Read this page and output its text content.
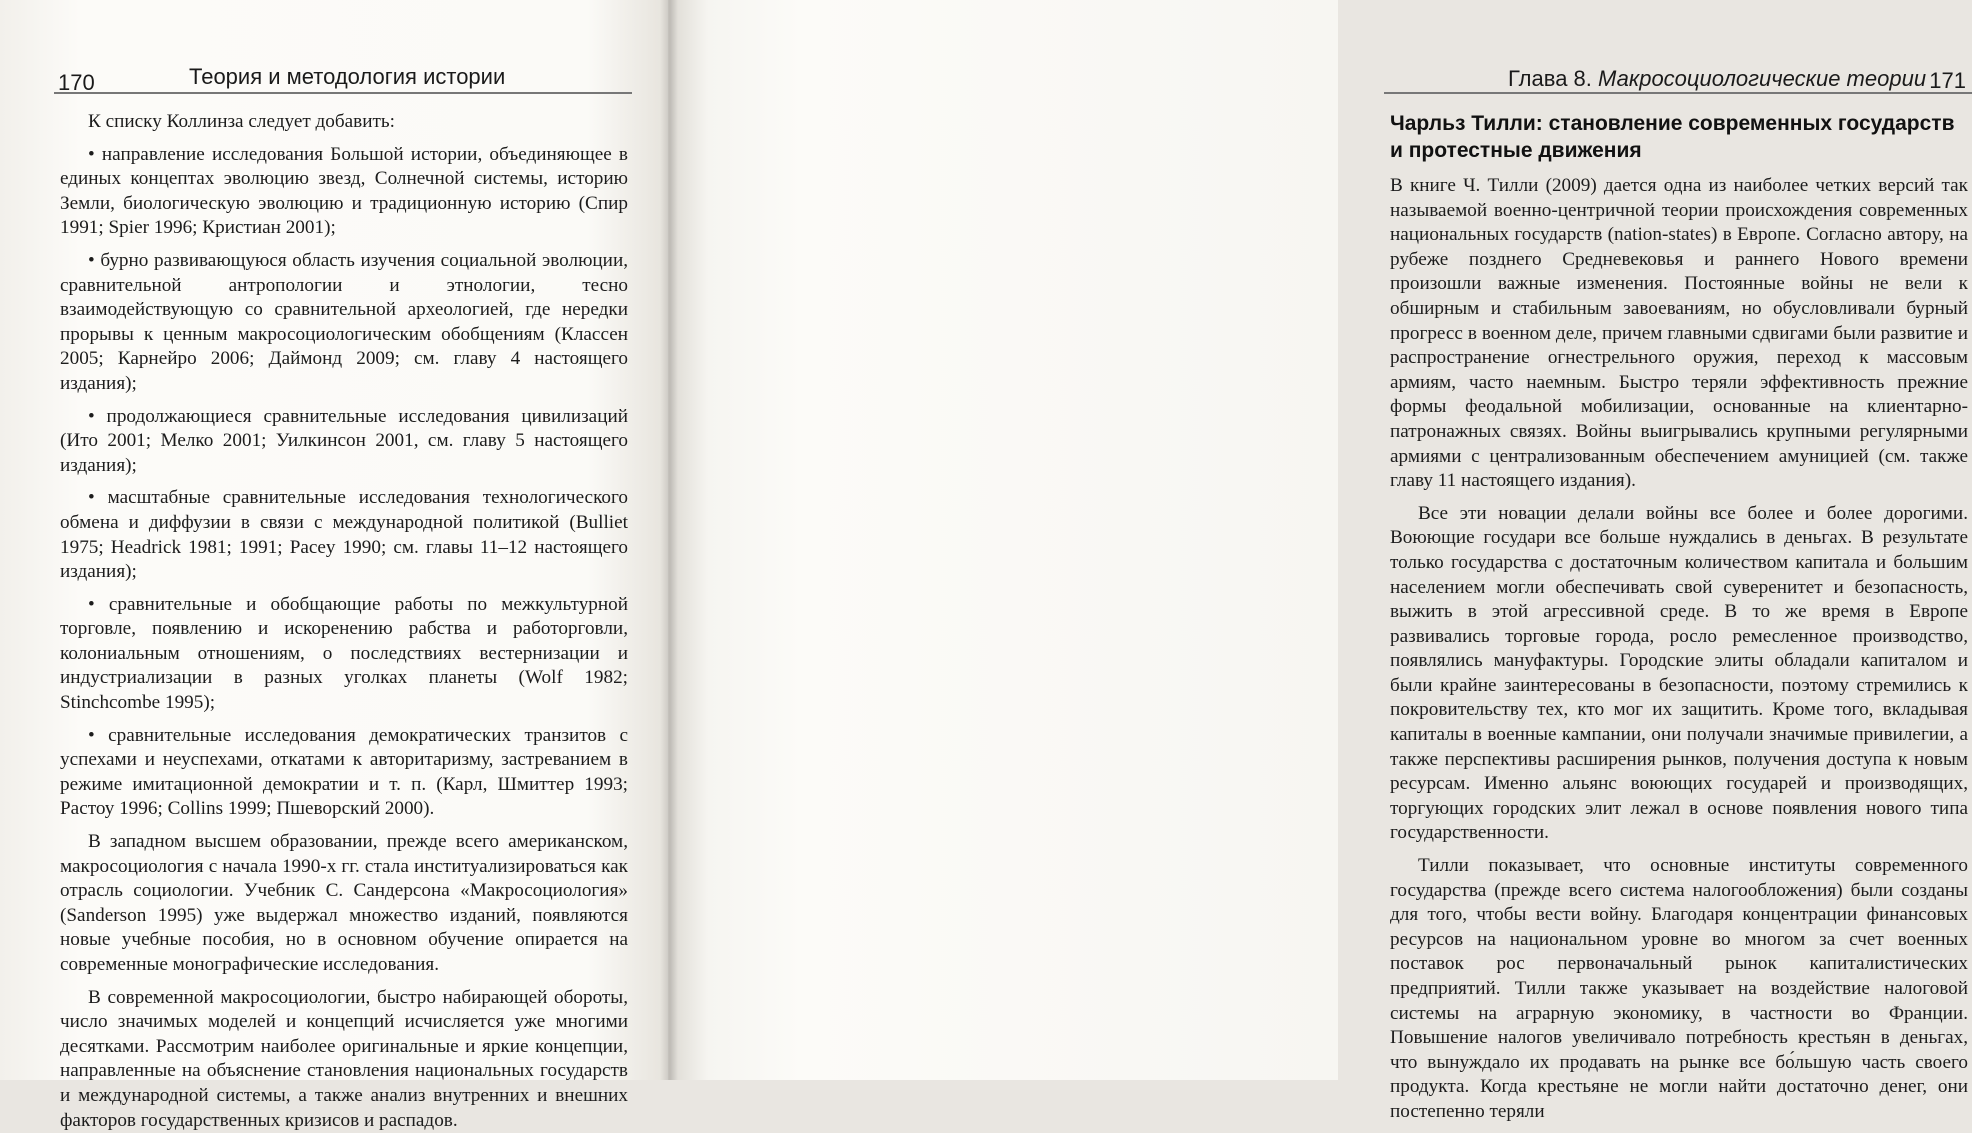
170	Теория и методология истории

К списку Коллинза следует добавить:

• направление исследования Большой истории, объединяющее в единых концептах эволюцию звезд, Солнечной системы, историю Земли, биологическую эволюцию и традиционную историю (Спир 1991; Spier 1996; Кристиан 2001);

• бурно развивающуюся область изучения социальной эволюции, сравнительной антропологии и этнологии, тесно взаимодействующую со сравнительной археологией, где нередки прорывы к ценным макросоциологическим обобщениям (Классен 2005; Карнейро 2006; Даймонд 2009; см. главу 4 настоящего издания);

• продолжающиеся сравнительные исследования цивилизаций (Ито 2001; Мелко 2001; Уилкинсон 2001, см. главу 5 настоящего издания);

• масштабные сравнительные исследования технологического обмена и диффузии в связи с международной политикой (Bulliet 1975; Headrick 1981; 1991; Pacey 1990; см. главы 11–12 настоящего издания);

• сравнительные и обобщающие работы по межкультурной торговле, появлению и искоренению рабства и работорговли, колониальным отношениям, о последствиях вестернизации и индустриализации в разных уголках планеты (Wolf 1982; Stinchcombe 1995);

• сравнительные исследования демократических транзитов с успехами и неуспехами, откатами к авторитаризму, застреванием в режиме имитационной демократии и т. п. (Карл, Шмиттер 1993; Растоу 1996; Collins 1999; Пшеворский 2000).

В западном высшем образовании, прежде всего американском, макросоциология с начала 1990-х гг. стала институализироваться как отрасль социологии. Учебник С. Сандерсона «Макросоциология» (Sanderson 1995) уже выдержал множество изданий, появляются новые учебные пособия, но в основном обучение опирается на современные монографические исследования.

В современной макросоциологии, быстро набирающей обороты, число значимых моделей и концепций исчисляется уже многими десятками. Рассмотрим наиболее оригинальные и яркие концепции, направленные на объяснение становления национальных государств и международной системы, а также анализ внутренних и внешних факторов государственных кризисов и распадов.

Глава 8. Макросоциологические теории 171
Чарльз Тилли: становление современных государств и протестные движения

В книге Ч. Тилли (2009) дается одна из наиболее четких версий так называемой военно-центричной теории происхождения современных национальных государств (nation-states) в Европе. Согласно автору, на рубеже позднего Средневековья и раннего Нового времени произошли важные изменения. Постоянные войны не вели к обширным и стабильным завоеваниям, но обусловливали бурный прогресс в военном деле, причем главными сдвигами были развитие и распространение огнестрельного оружия, переход к массовым армиям, часто наемным. Быстро теряли эффективность прежние формы феодальной мобилизации, основанные на клиентарно-патронажных связях. Войны выигрывались крупными регулярными армиями с централизованным обеспечением амуницией (см. также главу 11 настоящего издания).

Все эти новации делали войны все более и более дорогими. Воюющие государи все больше нуждались в деньгах. В результате только государства с достаточным количеством капитала и большим населением могли обеспечивать свой суверенитет и безопасность, выжить в этой агрессивной среде. В то же время в Европе развивались торговые города, росло ремесленное производство, появлялись мануфактуры. Городские элиты обладали капиталом и были крайне заинтересованы в безопасности, поэтому стремились к покровительству тех, кто мог их защитить. Кроме того, вкладывая капиталы в военные кампании, они получали значимые привилегии, а также перспективы расширения рынков, получения доступа к новым ресурсам. Именно альянс воюющих государей и производящих, торгующих городских элит лежал в основе появления нового типа государственности.

Тилли показывает, что основные институты современного государства (прежде всего система налогообложения) были созданы для того, чтобы вести войну. Благодаря концентрации финансовых ресурсов на национальном уровне во многом за счет военных поставок рос первоначальный рынок капиталистических предприятий. Тилли также указывает на воздействие налоговой системы на аграрную экономику, в частности во Франции. Повышение налогов увеличивало потребность крестьян в деньгах, что вынуждало их продавать на рынке все бо́льшую часть своего продукта. Когда крестьяне не могли найти достаточно денег, они постепенно теряли
